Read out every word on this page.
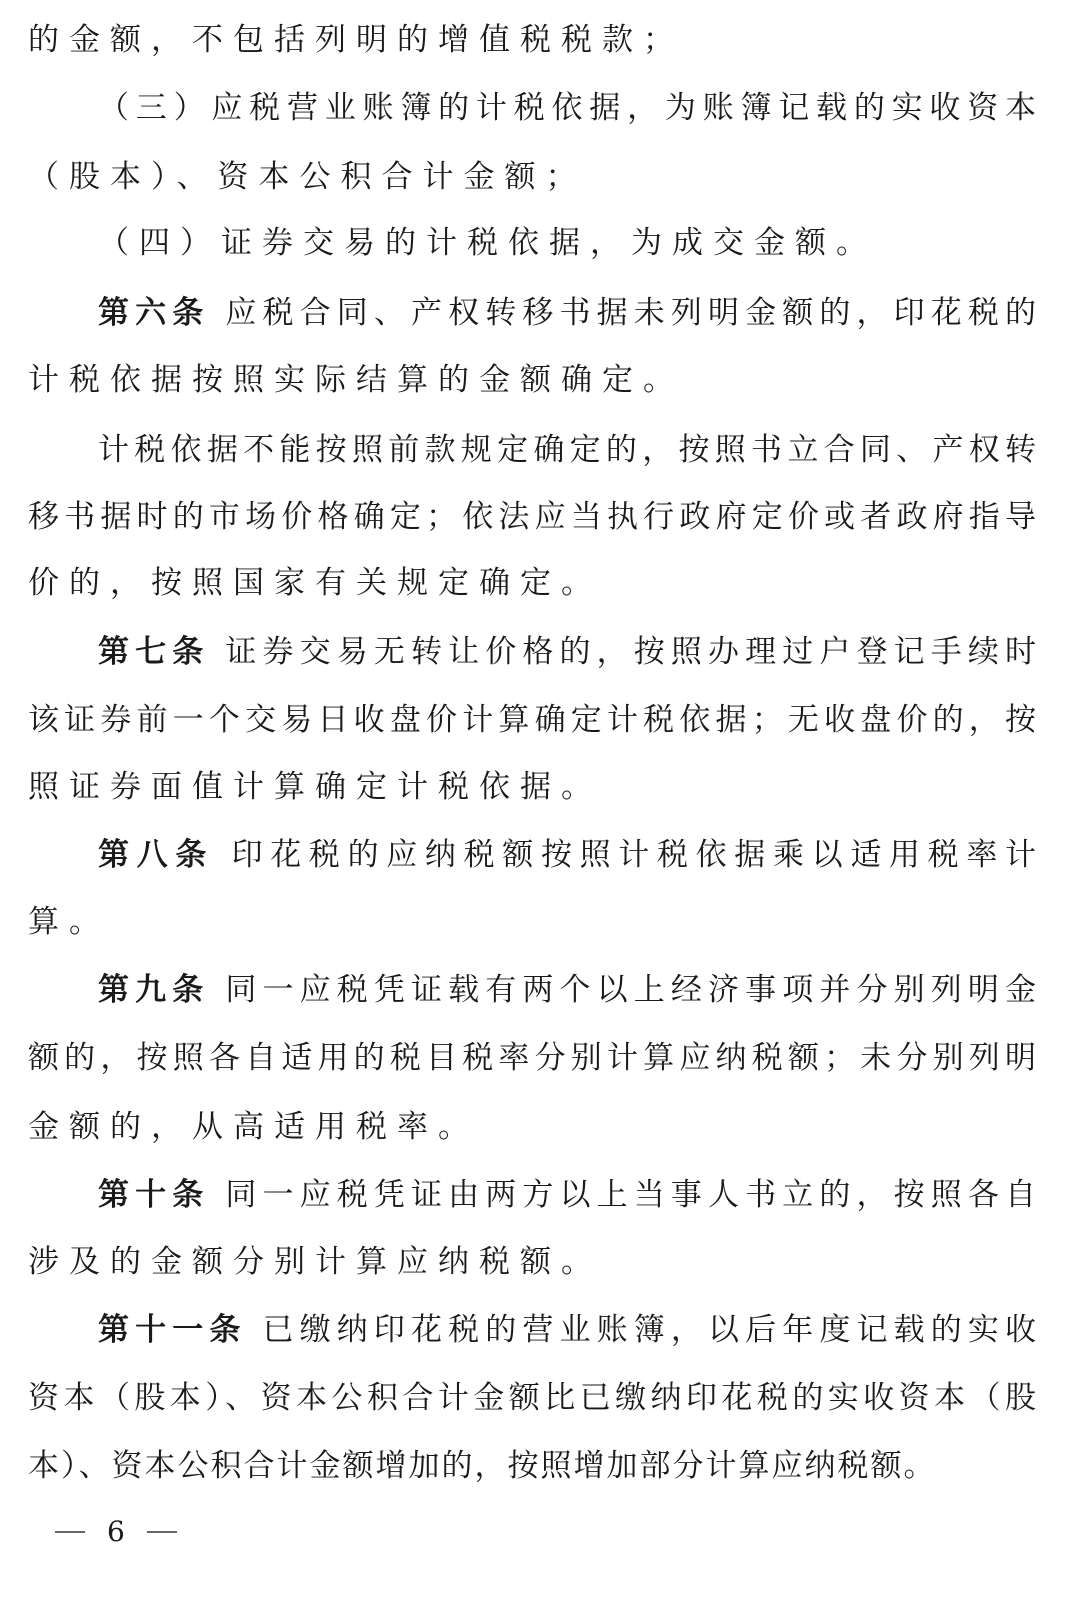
的金额，不包括列明的增值税税款；
（三）应税营业账簿的计税依据，为账簿记载的实收资本
（股本）、资本公积合计金额；
（四）证券交易的计税依据，为成交金额。
第六条 应税合同、产权转移书据未列明金额的，印花税的
计税依据按照实际结算的金额确定。
计税依据不能按照前款规定确定的，按照书立合同、产权转
移书据时的市场价格确定；依法应当执行政府定价或者政府指导
价的，按照国家有关规定确定。
第七条 证券交易无转让价格的，按照办理过户登记手续时
该证券前一个交易日收盘价计算确定计税依据；无收盘价的，按
照证券面值计算确定计税依据。
第八条 印花税的应纳税额按照计税依据乘以适用税率计
算。
第九条 同一应税凭证载有两个以上经济事项并分别列明金
额的，按照各自适用的税目税率分别计算应纳税额；未分别列明
金额的，从高适用税率。
第十条 同一应税凭证由两方以上当事人书立的，按照各自
涉及的金额分别计算应纳税额。
第十一条 已缴纳印花税的营业账簿，以后年度记载的实收
资本（股本）、资本公积合计金额比已缴纳印花税的实收资本（股
本）、资本公积合计金额增加的，按照增加部分计算应纳税额。
6
